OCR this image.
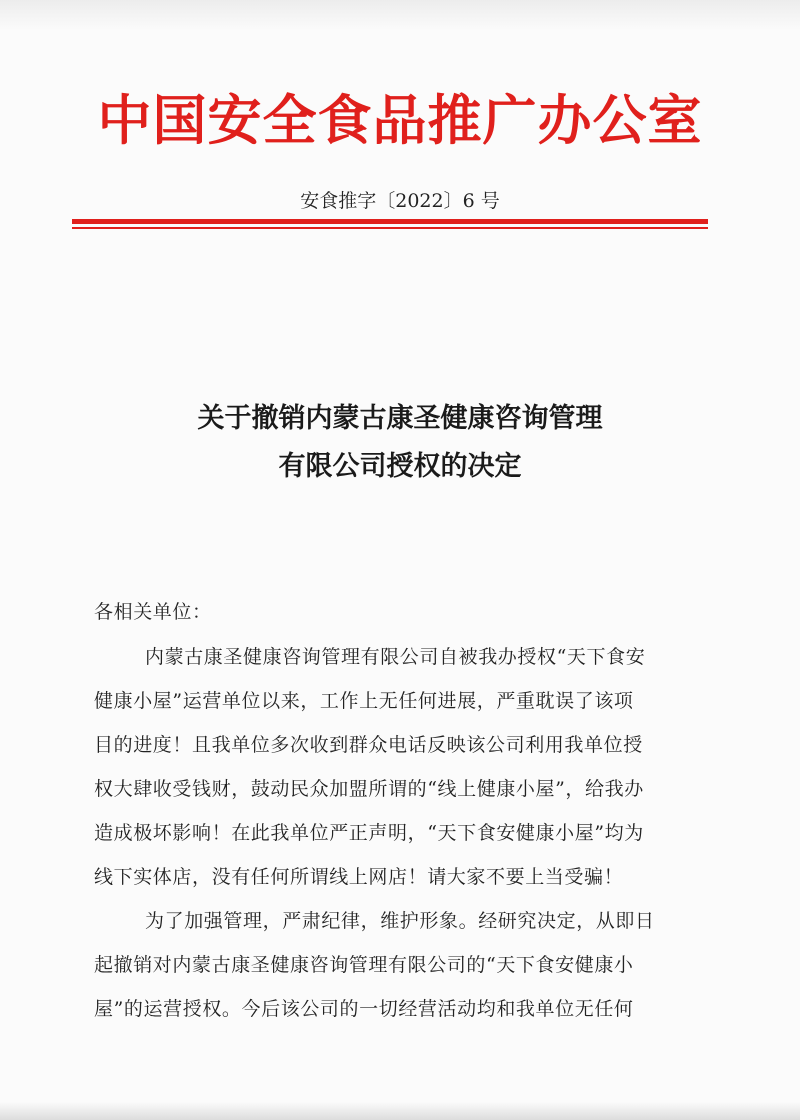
中国安全食品推广办公室
安食推字〔2022〕6 号
关于撤销内蒙古康圣健康咨询管理
有限公司授权的决定
各相关单位：
内蒙古康圣健康咨询管理有限公司自被我办授权“天下食安
健康小屋”运营单位以来，工作上无任何进展，严重耽误了该项
目的进度！且我单位多次收到群众电话反映该公司利用我单位授
权大肆收受钱财，鼓动民众加盟所谓的“线上健康小屋”，给我办
造成极坏影响！在此我单位严正声明，“天下食安健康小屋”均为
线下实体店，没有任何所谓线上网店！请大家不要上当受骗！
为了加强管理，严肃纪律，维护形象。经研究决定，从即日
起撤销对内蒙古康圣健康咨询管理有限公司的“天下食安健康小
屋”的运营授权。今后该公司的一切经营活动均和我单位无任何
